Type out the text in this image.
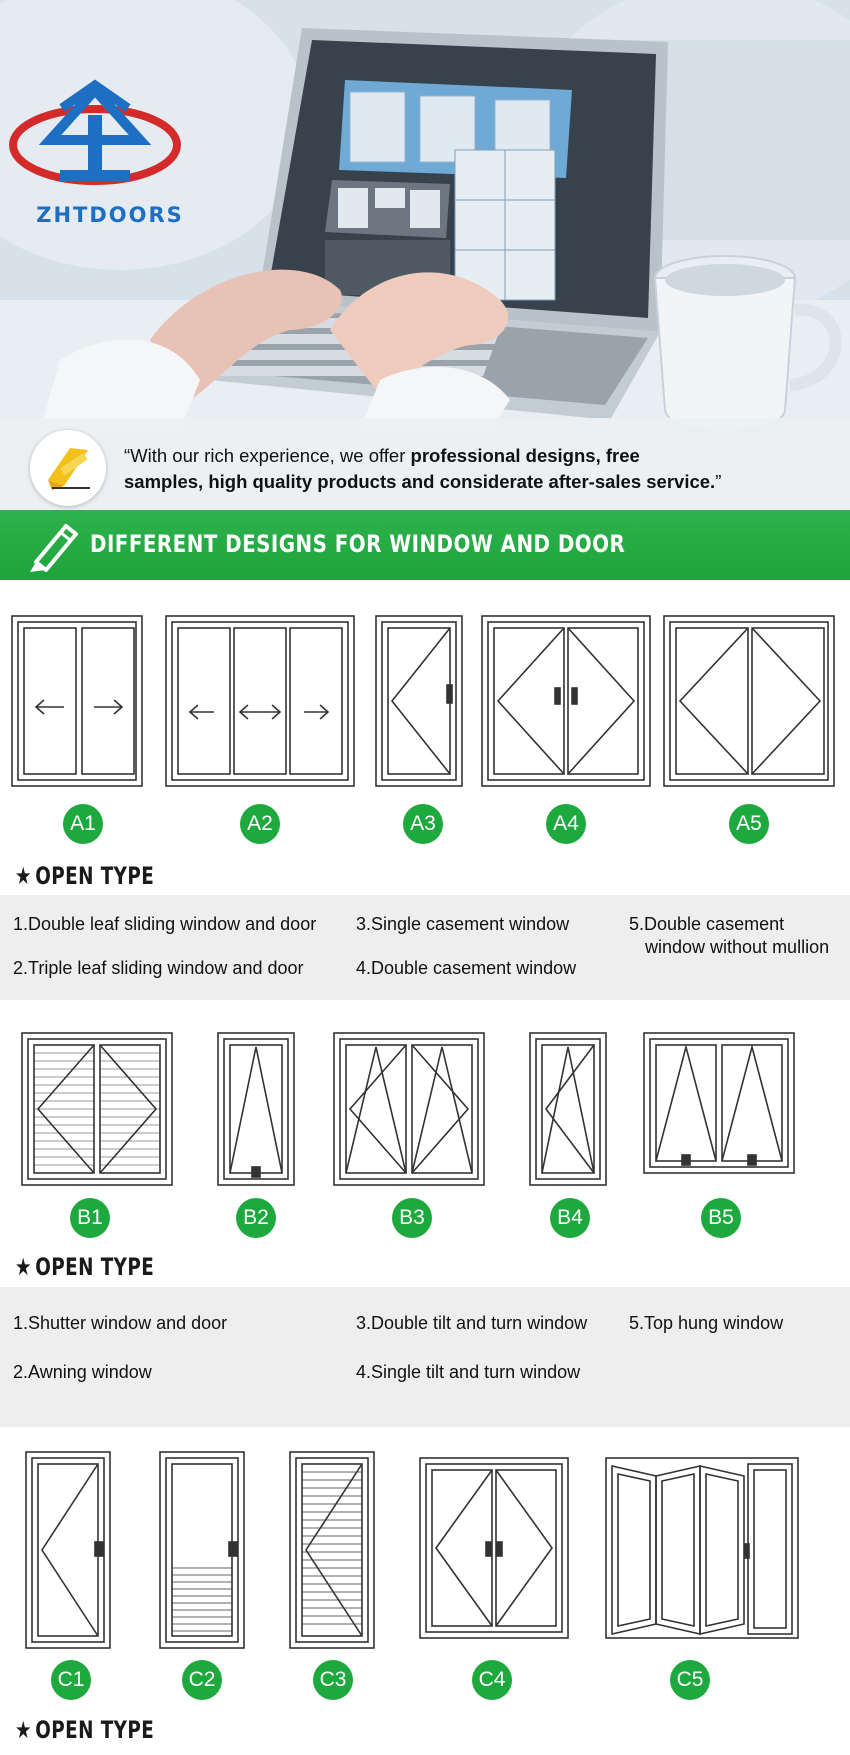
ZHTDOORS
“With our rich experience, we offer professional designs, free
samples, high quality products and considerate after-sales service.”
DIFFERENT DESIGNS FOR WINDOW AND DOOR
A1	A2	A3	A4	A5
★ OPEN TYPE
1.Double leaf sliding window and door
2.Triple leaf sliding window and door
3.Single casement window
4.Double casement window
5.Double casement
window without mullion
B1	B2	B3	B4	B5
★ OPEN TYPE
1.Shutter window and door
2.Awning window
3.Double tilt and turn window
4.Single tilt and turn window
5.Top hung window
C1	C2	C3	C4	C5
★ OPEN TYPE
